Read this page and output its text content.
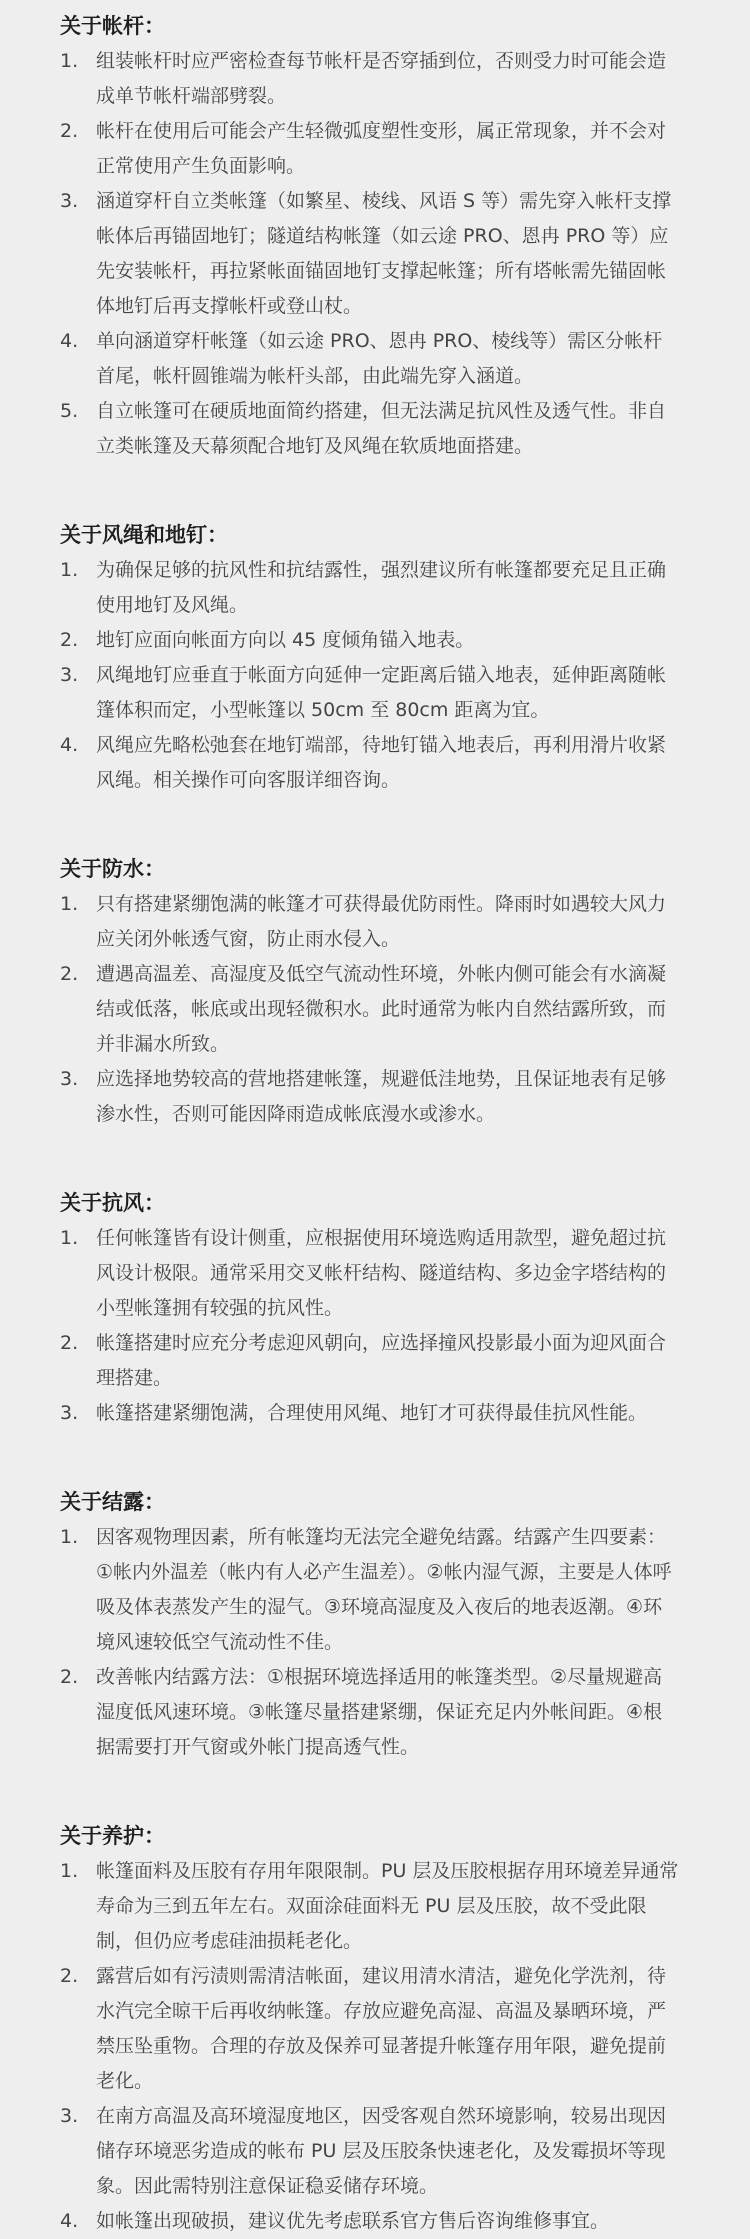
关于帐杆：
1. 组装帐杆时应严密检查每节帐杆是否穿插到位，否则受力时可能会造成单节帐杆端部劈裂。
2. 帐杆在使用后可能会产生轻微弧度塑性变形，属正常现象，并不会对正常使用产生负面影响。
3. 涵道穿杆自立类帐篷（如繁星、棱线、风语 S 等）需先穿入帐杆支撑帐体后再锚固地钉；隧道结构帐篷（如云途 PRO、恩冉 PRO 等）应先安装帐杆，再拉紧帐面锚固地钉支撑起帐篷；所有塔帐需先锚固帐体地钉后再支撑帐杆或登山杖。
4. 单向涵道穿杆帐篷（如云途 PRO、恩冉 PRO、棱线等）需区分帐杆首尾，帐杆圆锥端为帐杆头部，由此端先穿入涵道。
5. 自立帐篷可在硬质地面简约搭建，但无法满足抗风性及透气性。非自立类帐篷及天幕须配合地钉及风绳在软质地面搭建。
关于风绳和地钉：
1. 为确保足够的抗风性和抗结露性，强烈建议所有帐篷都要充足且正确使用地钉及风绳。
2. 地钉应面向帐面方向以 45 度倾角锚入地表。
3. 风绳地钉应垂直于帐面方向延伸一定距离后锚入地表，延伸距离随帐篷体积而定，小型帐篷以 50cm 至 80cm 距离为宜。
4. 风绳应先略松弛套在地钉端部，待地钉锚入地表后，再利用滑片收紧风绳。相关操作可向客服详细咨询。
关于防水：
1. 只有搭建紧绷饱满的帐篷才可获得最优防雨性。降雨时如遇较大风力应关闭外帐透气窗，防止雨水侵入。
2. 遭遇高温差、高湿度及低空气流动性环境，外帐内侧可能会有水滴凝结或低落，帐底或出现轻微积水。此时通常为帐内自然结露所致，而并非漏水所致。
3. 应选择地势较高的营地搭建帐篷，规避低洼地势，且保证地表有足够渗水性，否则可能因降雨造成帐底漫水或渗水。
关于抗风：
1. 任何帐篷皆有设计侧重，应根据使用环境选购适用款型，避免超过抗风设计极限。通常采用交叉帐杆结构、隧道结构、多边金字塔结构的小型帐篷拥有较强的抗风性。
2. 帐篷搭建时应充分考虑迎风朝向，应选择撞风投影最小面为迎风面合理搭建。
3. 帐篷搭建紧绷饱满，合理使用风绳、地钉才可获得最佳抗风性能。
关于结露：
1. 因客观物理因素，所有帐篷均无法完全避免结露。结露产生四要素：①帐内外温差（帐内有人必产生温差）。②帐内湿气源，主要是人体呼吸及体表蒸发产生的湿气。③环境高湿度及入夜后的地表返潮。④环境风速较低空气流动性不佳。
2. 改善帐内结露方法：①根据环境选择适用的帐篷类型。②尽量规避高湿度低风速环境。③帐篷尽量搭建紧绷，保证充足内外帐间距。④根据需要打开气窗或外帐门提高透气性。
关于养护：
1. 帐篷面料及压胶有存用年限限制。PU 层及压胶根据存用环境差异通常寿命为三到五年左右。双面涂硅面料无 PU 层及压胶，故不受此限制，但仍应考虑硅油损耗老化。
2. 露营后如有污渍则需清洁帐面，建议用清水清洁，避免化学洗剂，待水汽完全晾干后再收纳帐篷。存放应避免高湿、高温及暴晒环境，严禁压坠重物。合理的存放及保养可显著提升帐篷存用年限，避免提前老化。
3. 在南方高温及高环境湿度地区，因受客观自然环境影响，较易出现因储存环境恶劣造成的帐布 PU 层及压胶条快速老化，及发霉损坏等现象。因此需特别注意保证稳妥储存环境。
4. 如帐篷出现破损，建议优先考虑联系官方售后咨询维修事宜。
